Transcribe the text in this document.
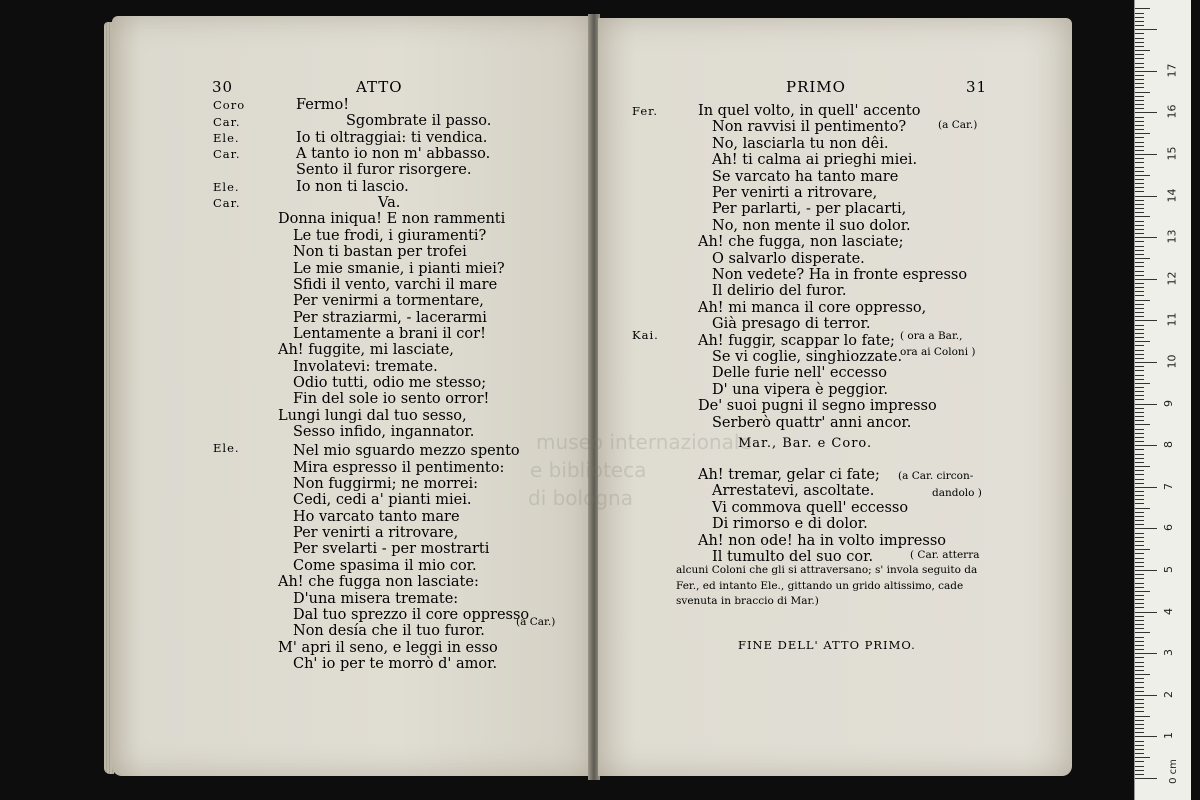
30	ATTO
Coro
Car.
Ele.
Car.
Ele.
Car.
Ele.
Fermo!
Sgombrate il passo.
Io ti oltraggiai: ti vendica.
A tanto io non m' abbasso.
Sento il furor risorgere.
Io non ti lascio.
Va.
Donna iniqua! E non rammenti
Le tue frodi, i giuramenti?
Non ti bastan per trofei
Le mie smanie, i pianti miei?
Sfidi il vento, varchi il mare
Per venirmi a tormentare,
Per straziarmi, - lacerarmi
Lentamente a brani il cor!
Ah! fuggite, mi lasciate,
Involatevi: tremate.
Odio tutti, odio me stesso;
Fin del sole io sento orror!
Lungi lungi dal tuo sesso,
Sesso infido, ingannator.
Nel mio sguardo mezzo spento
Mira espresso il pentimento:
Non fuggirmi; ne morrei:
Cedi, cedi a' pianti miei.
Ho varcato tanto mare
Per venirti a ritrovare,
Per svelarti - per mostrarti
Come spasima il mio cor.
Ah! che fugga non lasciate:
D'una misera tremate:
Dal tuo sprezzo il core oppresso
Non desía che il tuo furor.
M' apri il seno, e leggi in esso
Ch' io per te morrò d' amor.
(a Car.)
PRIMO	31
Fer.
Kai.
In quel volto, in quell' accento
Non ravvisi il pentimento?
No, lasciarla tu non dêi.
Ah! ti calma ai prieghi miei.
Se varcato ha tanto mare
Per venirti a ritrovare,
Per parlarti, - per placarti,
No, non mente il suo dolor.
Ah! che fugga, non lasciate;
O salvarlo disperate.
Non vedete? Ha in fronte espresso
Il delirio del furor.
Ah! mi manca il core oppresso,
Già presago di terror.
Ah! fuggir, scappar lo fate;
Se vi coglie, singhiozzate.
Delle furie nell' eccesso
D' una vipera è peggior.
De' suoi pugni il segno impresso
Serberò quattr' anni ancor.
(a Car.)
( ora a Bar.,
ora ai Coloni )
Mar., Bar. e Coro.
Ah! tremar, gelar ci fate;
Arrestatevi, ascoltate.
Vi commova quell' eccesso
Di rimorso e di dolor.
Ah! non ode! ha in volto impresso
Il tumulto del suo cor.
(a Car. circon-
dandolo )
( Car. atterra
alcuni Coloni che gli si attraversano; s' invola seguito da Fer., ed intanto Ele., gittando un grido altissimo, cade svenuta in braccio di Mar.)
FINE DELL' ATTO PRIMO.
museo internazionale
e biblioteca
di bologna
1
2
3
4
5
6
7
8
9
10
11
12
13
14
15
16
17
0 cm
